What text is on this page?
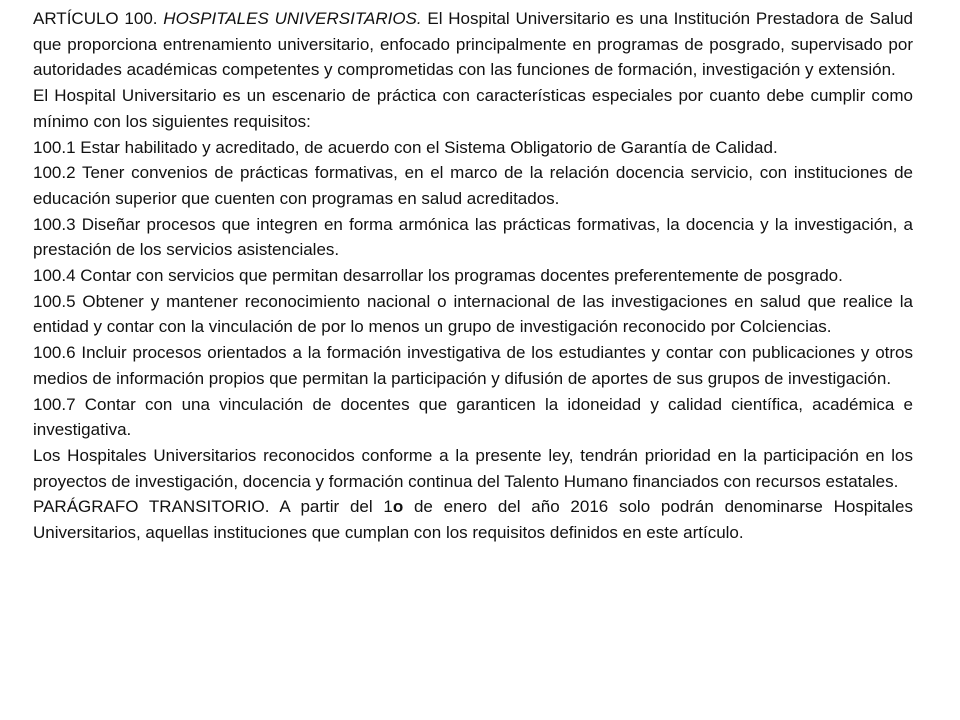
ARTÍCULO 100. HOSPITALES UNIVERSITARIOS. El Hospital Universitario es una Institución Prestadora de Salud que proporciona entrenamiento universitario, enfocado principalmente en programas de posgrado, supervisado por autoridades académicas competentes y comprometidas con las funciones de formación, investigación y extensión.

El Hospital Universitario es un escenario de práctica con características especiales por cuanto debe cumplir como mínimo con los siguientes requisitos:

100.1 Estar habilitado y acreditado, de acuerdo con el Sistema Obligatorio de Garantía de Calidad.

100.2 Tener convenios de prácticas formativas, en el marco de la relación docencia servicio, con instituciones de educación superior que cuenten con programas en salud acreditados.

100.3 Diseñar procesos que integren en forma armónica las prácticas formativas, la docencia y la investigación, a prestación de los servicios asistenciales.

100.4 Contar con servicios que permitan desarrollar los programas docentes preferentemente de posgrado.

100.5 Obtener y mantener reconocimiento nacional o internacional de las investigaciones en salud que realice la entidad y contar con la vinculación de por lo menos un grupo de investigación reconocido por Colciencias.

100.6 Incluir procesos orientados a la formación investigativa de los estudiantes y contar con publicaciones y otros medios de información propios que permitan la participación y difusión de aportes de sus grupos de investigación.

100.7 Contar con una vinculación de docentes que garanticen la idoneidad y calidad científica, académica e investigativa.

Los Hospitales Universitarios reconocidos conforme a la presente ley, tendrán prioridad en la participación en los proyectos de investigación, docencia y formación continua del Talento Humano financiados con recursos estatales.

PARÁGRAFO TRANSITORIO. A partir del 1o de enero del año 2016 solo podrán denominarse Hospitales Universitarios, aquellas instituciones que cumplan con los requisitos definidos en este artículo.
